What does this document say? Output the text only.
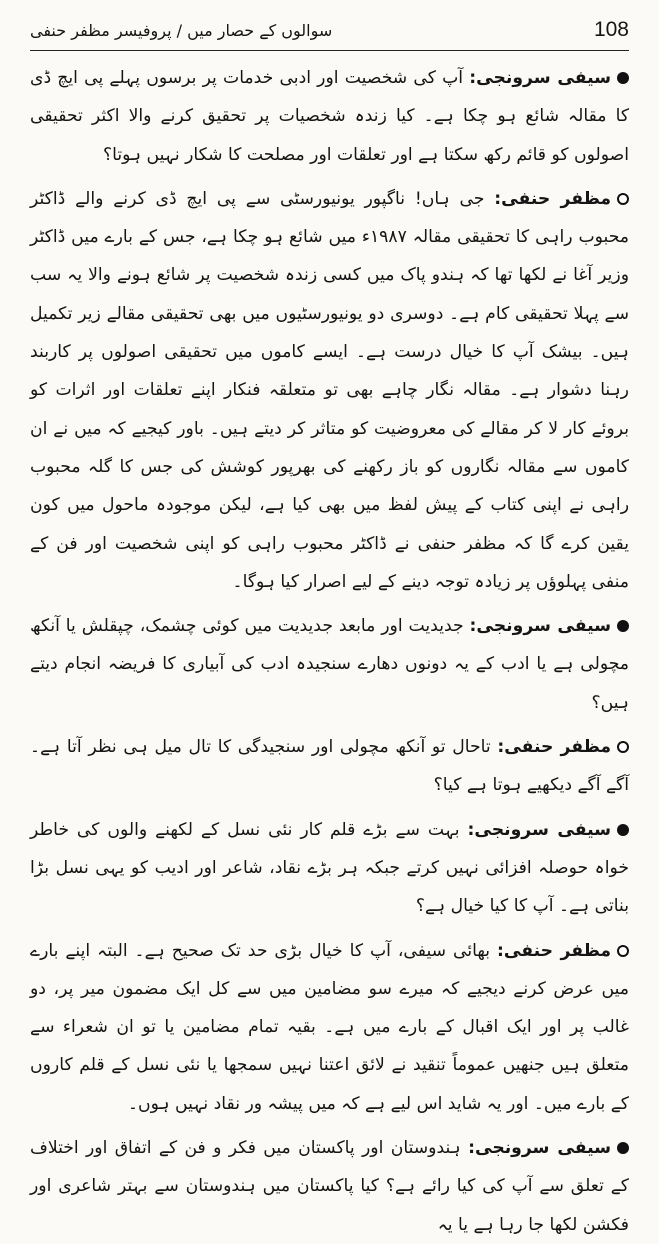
108
سوالوں کے حصار میں / پروفیسر مظفر حنفی

سیفی سرونجی: آپ کی شخصیت اور ادبی خدمات پر برسوں پہلے پی ایچ ڈی کا مقالہ شائع ہو چکا ہے۔ کیا زندہ شخصیات پر تحقیق کرنے والا اکثر تحقیقی اصولوں کو قائم رکھ سکتا ہے اور تعلقات اور مصلحت کا شکار نہیں ہوتا؟

مظفر حنفی: جی ہاں! ناگپور یونیورسٹی سے پی ایچ ڈی کرنے والے ڈاکٹر محبوب راہی کا تحقیقی مقالہ ۱۹۸۷ء میں شائع ہو چکا ہے، جس کے بارے میں ڈاکٹر وزیر آغا نے لکھا تھا کہ ہندو پاک میں کسی زندہ شخصیت پر شائع ہونے والا یہ سب سے پہلا تحقیقی کام ہے۔ دوسری دو یونیورسٹیوں میں بھی تحقیقی مقالے زیر تکمیل ہیں۔ بیشک آپ کا خیال درست ہے۔ ایسے کاموں میں تحقیقی اصولوں پر کاربند رہنا دشوار ہے۔ مقالہ نگار چاہے بھی تو متعلقہ فنکار اپنے تعلقات اور اثرات کو بروئے کار لا کر مقالے کی معروضیت کو متاثر کر دیتے ہیں۔ باور کیجیے کہ میں نے ان کاموں سے مقالہ نگاروں کو باز رکھنے کی بھرپور کوشش کی جس کا گلہ محبوب راہی نے اپنی کتاب کے پیش لفظ میں بھی کیا ہے، لیکن موجودہ ماحول میں کون یقین کرے گا کہ مظفر حنفی نے ڈاکٹر محبوب راہی کو اپنی شخصیت اور فن کے منفی پہلوؤں پر زیادہ توجہ دینے کے لیے اصرار کیا ہوگا۔

سیفی سرونجی: جدیدیت اور مابعد جدیدیت میں کوئی چشمک، چپقلش یا آنکھ مچولی ہے یا ادب کے یہ دونوں دھارے سنجیدہ ادب کی آبیاری کا فریضہ انجام دیتے ہیں؟

مظفر حنفی: تاحال تو آنکھ مچولی اور سنجیدگی کا تال میل ہی نظر آتا ہے۔ آگے آگے دیکھیے ہوتا ہے کیا؟

سیفی سرونجی: بہت سے بڑے قلم کار نئی نسل کے لکھنے والوں کی خاطر خواہ حوصلہ افزائی نہیں کرتے جبکہ ہر بڑے نقاد، شاعر اور ادیب کو یہی نسل بڑا بناتی ہے۔ آپ کا کیا خیال ہے؟

مظفر حنفی: بھائی سیفی، آپ کا خیال بڑی حد تک صحیح ہے۔ البتہ اپنے بارے میں عرض کرنے دیجیے کہ میرے سو مضامین میں سے کل ایک مضمون میر پر، دو غالب پر اور ایک اقبال کے بارے میں ہے۔ بقیہ تمام مضامین یا تو ان شعراء سے متعلق ہیں جنھیں عموماً تنقید نے لائق اعتنا نہیں سمجھا یا نئی نسل کے قلم کاروں کے بارے میں۔ اور یہ شاید اس لیے ہے کہ میں پیشہ ور نقاد نہیں ہوں۔

سیفی سرونجی: ہندوستان اور پاکستان میں فکر و فن کے اتفاق اور اختلاف کے تعلق سے آپ کی کیا رائے ہے؟ کیا پاکستان میں ہندوستان سے بہتر شاعری اور فکشن لکھا جا رہا ہے یا یہ
